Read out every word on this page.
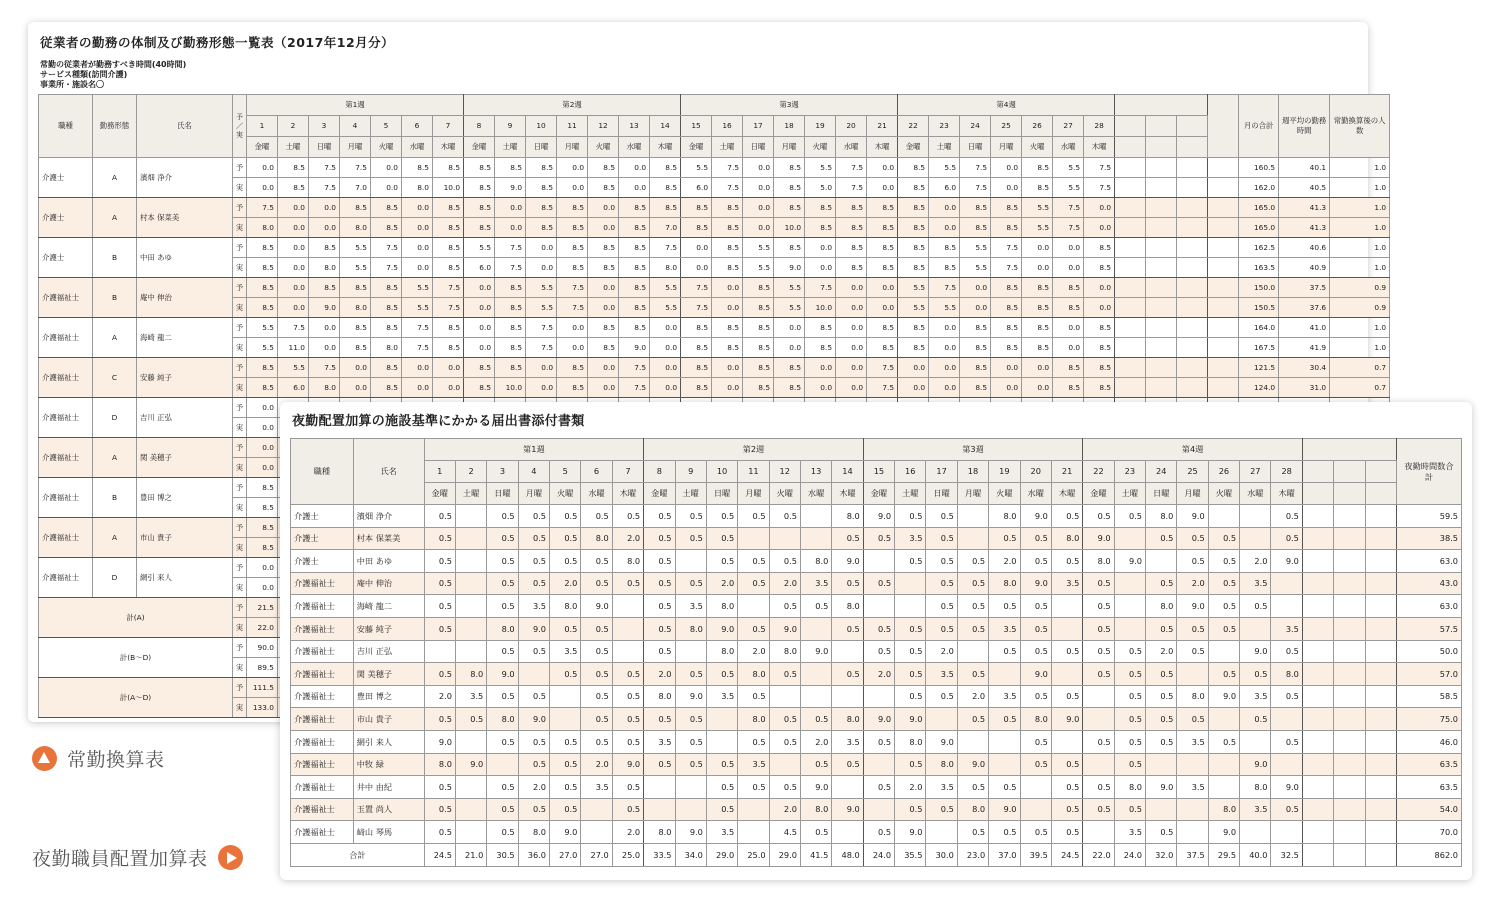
従業者の勤務の体制及び勤務形態一覧表（2017年12月分）
常勤の従業者が勤務すべき時間(40時間)
サービス種類(訪問介護)
事業所・施設名〇
職種	勤務形態	氏名	予／実	第1週							第2週							第3週							第4週											月の合計	週平均の勤務時間	常勤換算後の人数
				1	2	3	4	5	6	7	8	9	10	11	12	13	14	15	16	17	18	19	20	21	22	23	24	25	26	27	28							
				金曜	土曜	日曜	月曜	火曜	水曜	木曜	金曜	土曜	日曜	月曜	火曜	水曜	木曜	金曜	土曜	日曜	月曜	火曜	水曜	木曜	金曜	土曜	日曜	月曜	火曜	水曜	木曜							
介護士	A	濱畑 浄介	予	0.0	8.5	7.5	7.5	0.0	8.5	8.5	8.5	8.5	8.5	0.0	8.5	0.0	8.5	5.5	7.5	0.0	8.5	5.5	7.5	0.0	8.5	5.5	7.5	0.0	8.5	5.5	7.5					160.5	40.1	1.0
			実	0.0	8.5	7.5	7.0	0.0	8.0	10.0	8.5	9.0	8.5	0.0	8.5	0.0	8.5	6.0	7.5	0.0	8.5	5.0	7.5	0.0	8.5	6.0	7.5	0.0	8.5	5.5	7.5					162.0	40.5	1.0
介護士	A	村本 保菜美	予	7.5	0.0	0.0	8.5	8.5	0.0	8.5	8.5	0.0	8.5	8.5	0.0	8.5	8.5	8.5	8.5	0.0	8.5	8.5	8.5	8.5	8.5	0.0	8.5	8.5	5.5	7.5	0.0					165.0	41.3	1.0
			実	8.0	0.0	0.0	8.0	8.5	0.0	8.5	8.5	0.0	8.5	8.5	0.0	8.5	7.0	8.5	8.5	0.0	10.0	8.5	8.5	8.5	8.5	0.0	8.5	8.5	5.5	7.5	0.0					165.0	41.3	1.0
介護士	B	中田 あゆ	予	8.5	0.0	8.5	5.5	7.5	0.0	8.5	5.5	7.5	0.0	8.5	8.5	8.5	7.5	0.0	8.5	5.5	8.5	0.0	8.5	8.5	8.5	8.5	5.5	7.5	0.0	0.0	8.5					162.5	40.6	1.0
			実	8.5	0.0	8.0	5.5	7.5	0.0	8.5	6.0	7.5	0.0	8.5	8.5	8.5	8.0	0.0	8.5	5.5	9.0	0.0	8.5	8.5	8.5	8.5	5.5	7.5	0.0	0.0	8.5					163.5	40.9	1.0
介護福祉士	B	庵中 伸治	予	8.5	0.0	8.5	8.5	8.5	5.5	7.5	0.0	8.5	5.5	7.5	0.0	8.5	5.5	7.5	0.0	8.5	5.5	7.5	0.0	0.0	5.5	7.5	0.0	8.5	8.5	8.5	0.0					150.0	37.5	0.9
			実	8.5	0.0	9.0	8.0	8.5	5.5	7.5	0.0	8.5	5.5	7.5	0.0	8.5	5.5	7.5	0.0	8.5	5.5	10.0	0.0	0.0	5.5	5.5	0.0	8.5	8.5	8.5	0.0					150.5	37.6	0.9
介護福祉士	A	海崎 龍二	予	5.5	7.5	0.0	8.5	8.5	7.5	8.5	0.0	8.5	7.5	0.0	8.5	8.5	0.0	8.5	8.5	8.5	0.0	8.5	0.0	8.5	8.5	0.0	8.5	8.5	8.5	0.0	8.5					164.0	41.0	1.0
			実	5.5	11.0	0.0	8.5	8.0	7.5	8.5	0.0	8.5	7.5	0.0	8.5	9.0	0.0	8.5	8.5	8.5	0.0	8.5	0.0	8.5	8.5	0.0	8.5	8.5	8.5	0.0	8.5					167.5	41.9	1.0
介護福祉士	C	安藤 純子	予	8.5	5.5	7.5	0.0	8.5	0.0	0.0	8.5	8.5	0.0	8.5	0.0	7.5	0.0	8.5	0.0	8.5	8.5	0.0	0.0	7.5	0.0	0.0	8.5	0.0	0.0	8.5	8.5					121.5	30.4	0.7
			実	8.5	6.0	8.0	0.0	8.5	0.0	0.0	8.5	10.0	0.0	8.5	0.0	7.5	0.0	8.5	0.0	8.5	8.5	0.0	0.0	7.5	0.0	0.0	8.5	0.0	0.0	8.5	8.5					124.0	31.0	0.7
介護福祉士	D	吉川 正弘	予	0.0																																		
			実	0.0																																		
介護福祉士	A	関 美穂子	予	0.0																																		
			実	0.0																																		
介護福祉士	B	豊田 博之	予	8.5																																		
			実	8.5																																		
介護福祉士	A	市山 貴子	予	8.5																																		
			実	8.5																																		
介護福祉士	D	網引 来人	予	0.0																																		
			実	0.0																																		
計(A)			予	21.5																																		
			実	22.0																																		
計(B〜D)			予	90.0																																		
			実	89.5																																		
計(A〜D)			予	111.5																																		
			実	133.0																																		
夜勤配置加算の施設基準にかかる届出書添付書類
職種	氏名	第1週							第2週							第3週							第4週										夜勤時間数合計
		1	2	3	4	5	6	7	8	9	10	11	12	13	14	15	16	17	18	19	20	21	22	23	24	25	26	27	28				
		金曜	土曜	日曜	月曜	火曜	水曜	木曜	金曜	土曜	日曜	月曜	火曜	水曜	木曜	金曜	土曜	日曜	月曜	火曜	水曜	木曜	金曜	土曜	日曜	月曜	火曜	水曜	木曜				
介護士	濱畑 浄介	0.5		0.5	0.5	0.5	0.5	0.5	0.5	0.5	0.5	0.5	0.5		8.0	9.0	0.5	0.5		8.0	9.0	0.5	0.5	0.5	8.0	9.0			0.5				59.5
介護士	村本 保菜美	0.5		0.5	0.5	0.5	8.0	2.0	0.5	0.5	0.5				0.5	0.5	3.5	0.5		0.5	0.5	8.0	9.0		0.5	0.5	0.5		0.5				38.5
介護士	中田 あゆ	0.5		0.5	0.5	0.5	0.5	8.0	0.5		0.5	0.5	0.5	8.0	9.0		0.5	0.5	0.5	2.0	0.5	0.5	8.0	9.0		0.5	0.5	2.0	9.0				63.0
介護福祉士	庵中 伸治	0.5		0.5	0.5	2.0	0.5	0.5	0.5	0.5	2.0	0.5	2.0	3.5	0.5	0.5		0.5	0.5	8.0	9.0	3.5	0.5		0.5	2.0	0.5	3.5					43.0
介護福祉士	海崎 龍二	0.5		0.5	3.5	8.0	9.0		0.5	3.5	8.0		0.5	0.5	8.0			0.5	0.5	0.5	0.5		0.5		8.0	9.0	0.5	0.5					63.0
介護福祉士	安藤 純子	0.5		8.0	9.0	0.5	0.5		0.5	8.0	9.0	0.5	9.0		0.5	0.5	0.5	0.5	0.5	3.5	0.5		0.5		0.5	0.5	0.5		3.5				57.5
介護福祉士	吉川 正弘			0.5	0.5	3.5	0.5		0.5		8.0	2.0	8.0	9.0		0.5	0.5	2.0		0.5	0.5	0.5	0.5	0.5	2.0	0.5		9.0	0.5				50.0
介護福祉士	関 美穂子	0.5	8.0	9.0		0.5	0.5	0.5	2.0	0.5	0.5	8.0	0.5		0.5	2.0	0.5	3.5	0.5		9.0		0.5	0.5	0.5		0.5	0.5	8.0				57.0
介護福祉士	豊田 博之	2.0	3.5	0.5	0.5		0.5	0.5	8.0	9.0	3.5	0.5					0.5	0.5	2.0	3.5	0.5	0.5		0.5	0.5	8.0	9.0	3.5	0.5				58.5
介護福祉士	市山 貴子	0.5	0.5	8.0	9.0		0.5	0.5	0.5	0.5		8.0	0.5	0.5	8.0	9.0	9.0		0.5	0.5	8.0	9.0		0.5	0.5	0.5		0.5					75.0
介護福祉士	網引 来人	9.0		0.5	0.5	0.5	0.5	0.5	3.5	0.5		0.5	0.5	2.0	3.5	0.5	8.0	9.0			0.5		0.5	0.5	0.5	3.5	0.5		0.5				46.0
介護福祉士	中牧 緑	8.0	9.0		0.5	0.5	2.0	9.0	0.5	0.5	0.5	3.5		0.5	0.5		0.5	8.0	9.0		0.5	0.5		0.5				9.0					63.5
介護福祉士	井中 由紀	0.5		0.5	2.0	0.5	3.5	0.5			0.5	0.5	0.5	9.0		0.5	2.0	3.5	0.5	0.5		0.5	0.5	8.0	9.0	3.5		8.0	9.0				63.5
介護福祉士	玉置 尚人	0.5		0.5	0.5	0.5		0.5			0.5		2.0	8.0	9.0		0.5	0.5	8.0	9.0		0.5	0.5	0.5			8.0	3.5	0.5				54.0
介護福祉士	﨑山 琴馬	0.5		0.5	8.0	9.0		2.0	8.0	9.0	3.5		4.5	0.5		0.5	9.0		0.5	0.5	0.5	0.5		3.5	0.5		9.0						70.0
合計		24.5	21.0	30.5	36.0	27.0	27.0	25.0	33.5	34.0	29.0	25.0	29.0	41.5	48.0	24.0	35.5	30.0	23.0	37.0	39.5	24.5	22.0	24.0	32.0	37.5	29.5	40.0	32.5				862.0
常勤換算表
夜勤職員配置加算表
